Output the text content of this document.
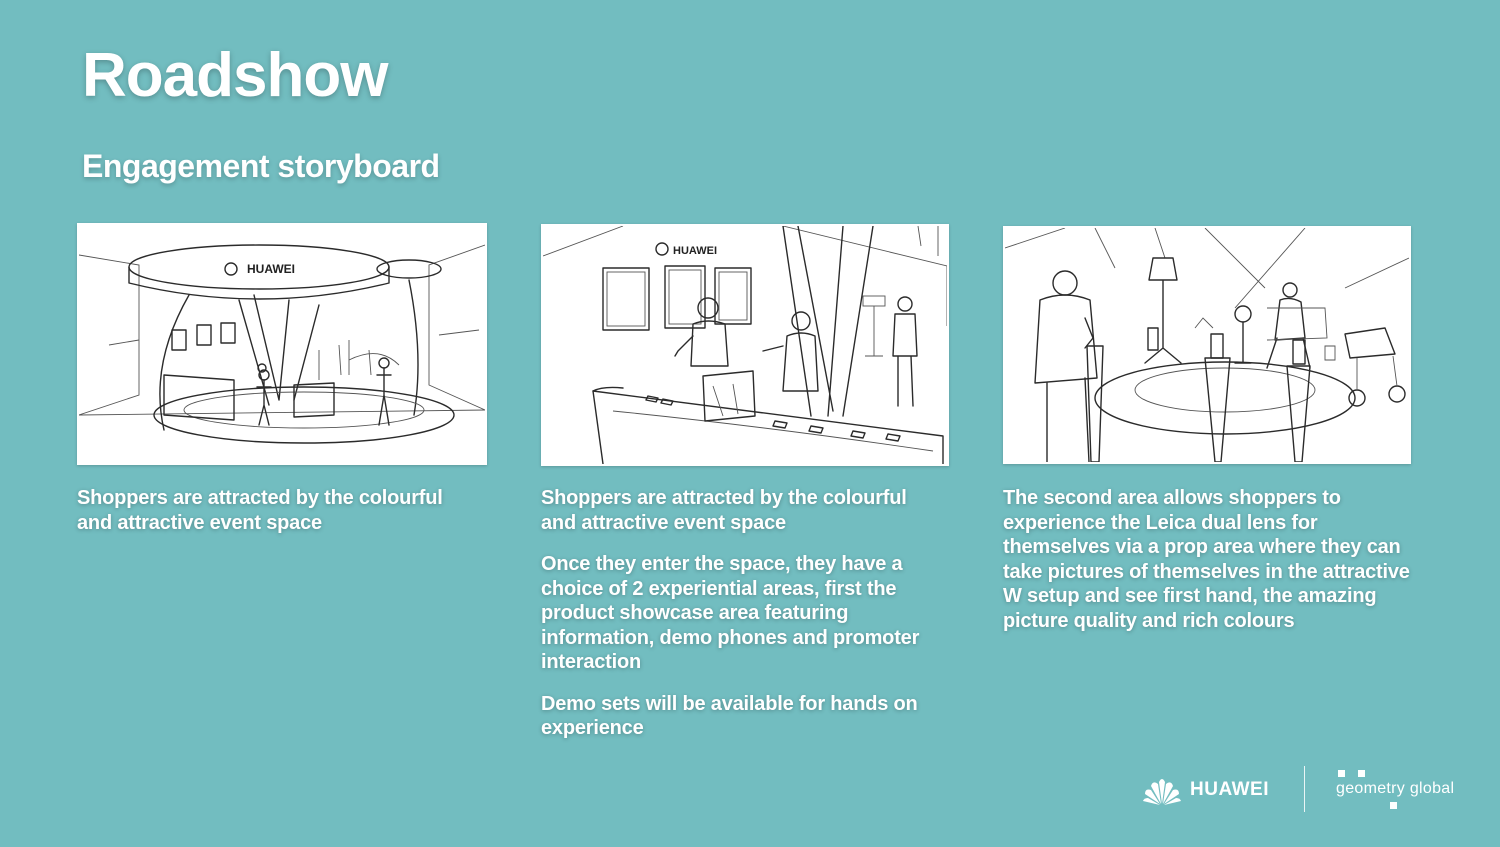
Roadshow
Engagement storyboard
HUAWEI
HUAWEI

Shoppers are attracted by the colourful and attractive event space

Shoppers are attracted by the colourful and attractive event space

Once they enter the space, they have a choice of 2 experiential areas, first the product showcase area featuring information, demo phones and promoter interaction

Demo sets will be available for hands on experience

The second area allows shoppers to experience the Leica dual lens for themselves via a prop area where they can take pictures of themselves in the attractive W setup and see first hand, the amazing picture quality and rich colours

HUAWEI	geometry global
